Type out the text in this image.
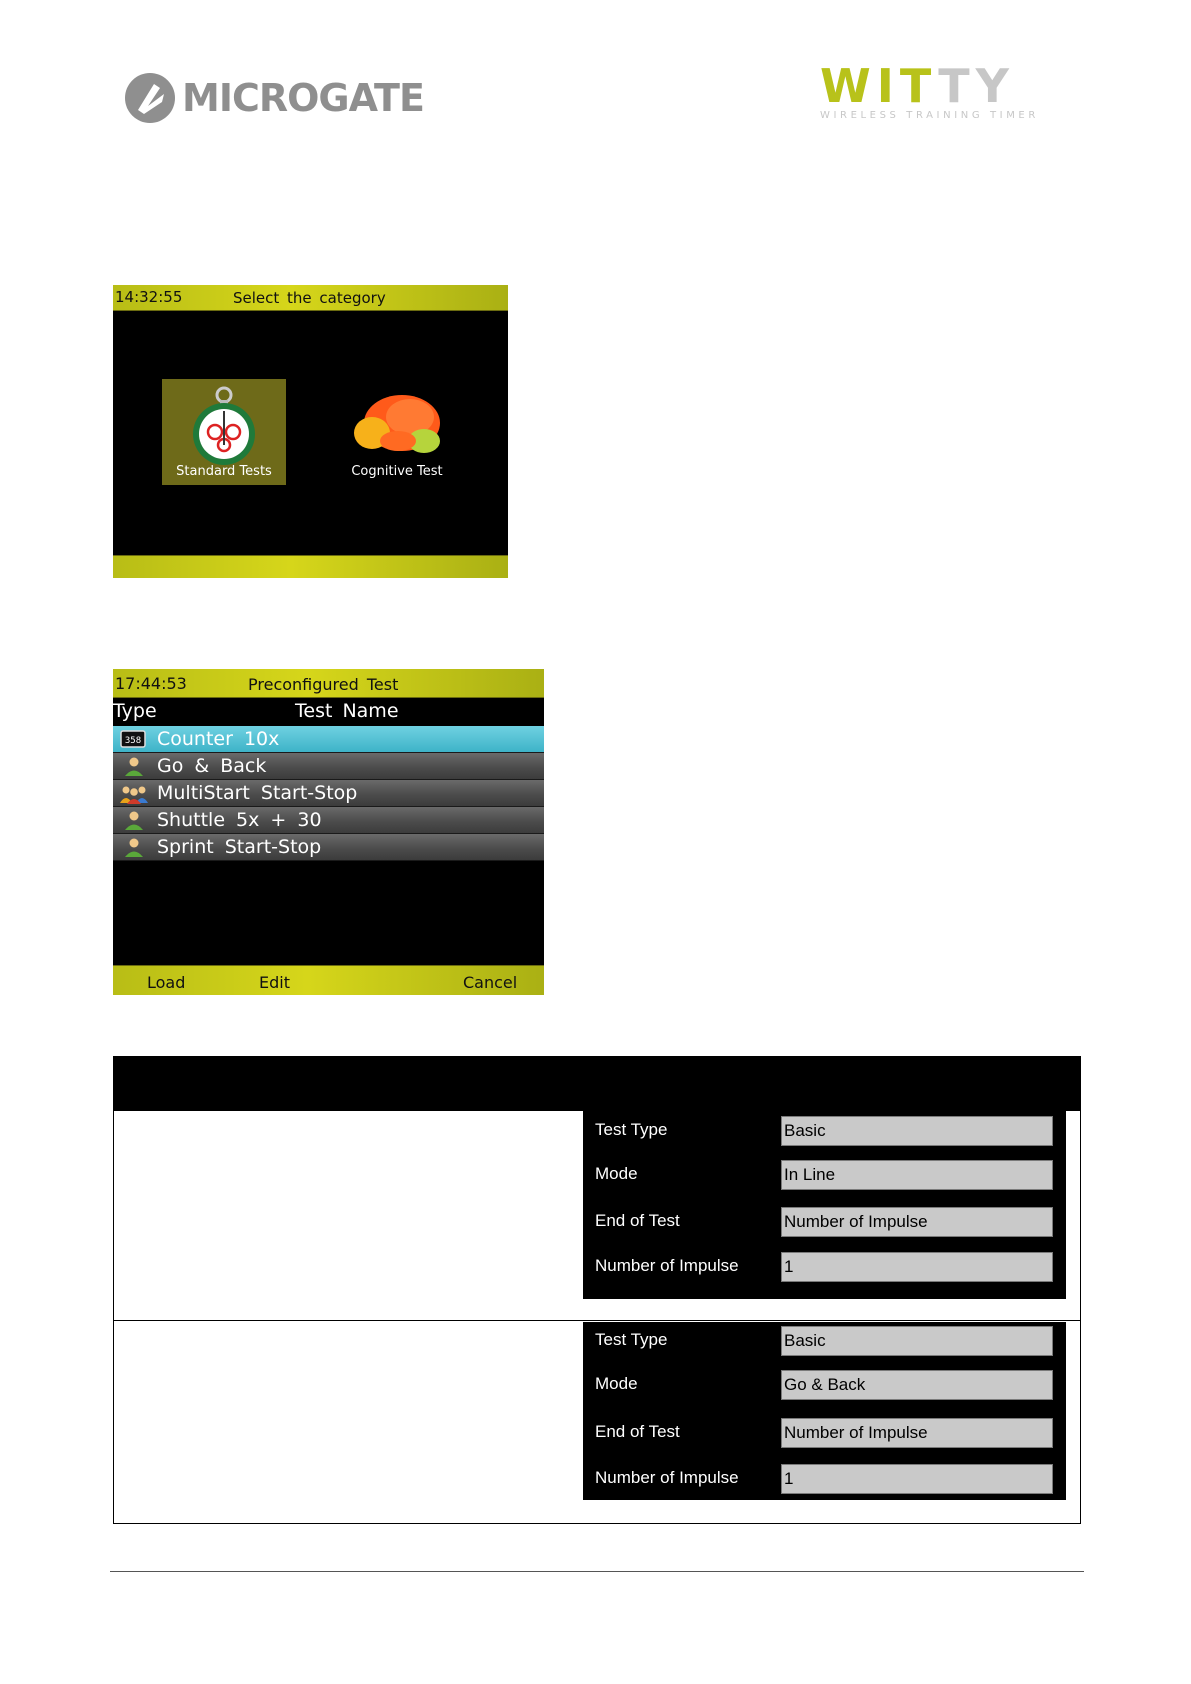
MICROGATE	WITTY
WIRELESS TRAINING TIMER
14:32:55	Select the category
Standard Tests	Cognitive Test
17:44:53	Preconfigured Test
Type	Test Name
358 Counter 10x
Go & Back
MultiStart Start-Stop
Shuttle 5x + 30
Sprint Start-Stop
Load	Edit	Cancel
Test Type	Basic
Mode	In Line
End of Test	Number of Impulse
Number of Impulse	1
Test Type	Basic
Mode	Go & Back
End of Test	Number of Impulse
Number of Impulse	1
